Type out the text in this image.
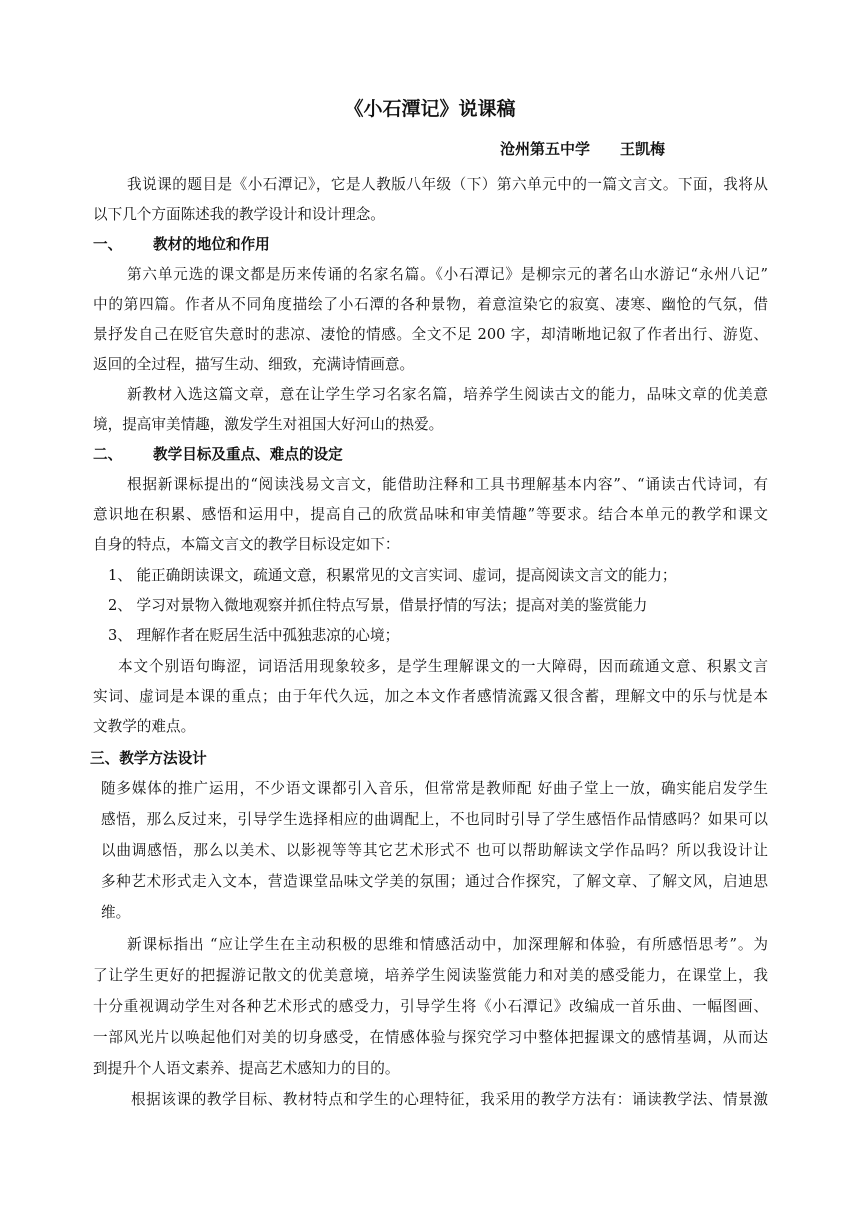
《小石潭记》说课稿
沧州第五中学 王凯梅
我说课的题目是《小石潭记》，它是人教版八年级（下）第六单元中的一篇文言文。下面，我将从
以下几个方面陈述我的教学设计和设计理念。
一、 教材的地位和作用
第六单元选的课文都是历来传诵的名家名篇。《小石潭记》是柳宗元的著名山水游记“永州八记”
中的第四篇。作者从不同角度描绘了小石潭的各种景物，着意渲染它的寂寞、凄寒、幽怆的气氛，借
景抒发自己在贬官失意时的悲凉、凄怆的情感。全文不足 200 字，却清晰地记叙了作者出行、游览、
返回的全过程，描写生动、细致，充满诗情画意。
新教材入选这篇文章，意在让学生学习名家名篇，培养学生阅读古文的能力，品味文章的优美意
境，提高审美情趣，激发学生对祖国大好河山的热爱。
二、 教学目标及重点、难点的设定
根据新课标提出的“阅读浅易文言文，能借助注释和工具书理解基本内容”、“诵读古代诗词，有
意识地在积累、感悟和运用中，提高自己的欣赏品味和审美情趣”等要求。结合本单元的教学和课文
自身的特点，本篇文言文的教学目标设定如下：
1、 能正确朗读课文，疏通文意，积累常见的文言实词、虚词，提高阅读文言文的能力；
2、 学习对景物入微地观察并抓住特点写景，借景抒情的写法；提高对美的鉴赏能力
3、 理解作者在贬居生活中孤独悲凉的心境；
本文个别语句晦涩，词语活用现象较多，是学生理解课文的一大障碍，因而疏通文意、积累文言
实词、虚词是本课的重点；由于年代久远，加之本文作者感情流露又很含蓄，理解文中的乐与忧是本
文教学的难点。
三、教学方法设计
随多媒体的推广运用，不少语文课都引入音乐，但常常是教师配 好曲子堂上一放，确实能启发学生
感悟，那么反过来，引导学生选择相应的曲调配上，不也同时引导了学生感悟作品情感吗？如果可以
以曲调感悟，那么以美术、以影视等等其它艺术形式不 也可以帮助解读文学作品吗？所以我设计让
多种艺术形式走入文本，营造课堂品味文学美的氛围；通过合作探究，了解文章、了解文风，启迪思
维。
新课标指出 “应让学生在主动积极的思维和情感活动中，加深理解和体验，有所感悟思考”。为
了让学生更好的把握游记散文的优美意境，培养学生阅读鉴赏能力和对美的感受能力，在课堂上，我
十分重视调动学生对各种艺术形式的感受力，引导学生将《小石潭记》改编成一首乐曲、一幅图画、
一部风光片以唤起他们对美的切身感受，在情感体验与探究学习中整体把握课文的感情基调，从而达
到提升个人语文素养、提高艺术感知力的目的。
根据该课的教学目标、教材特点和学生的心理特征，我采用的教学方法有：诵读教学法、情景激
